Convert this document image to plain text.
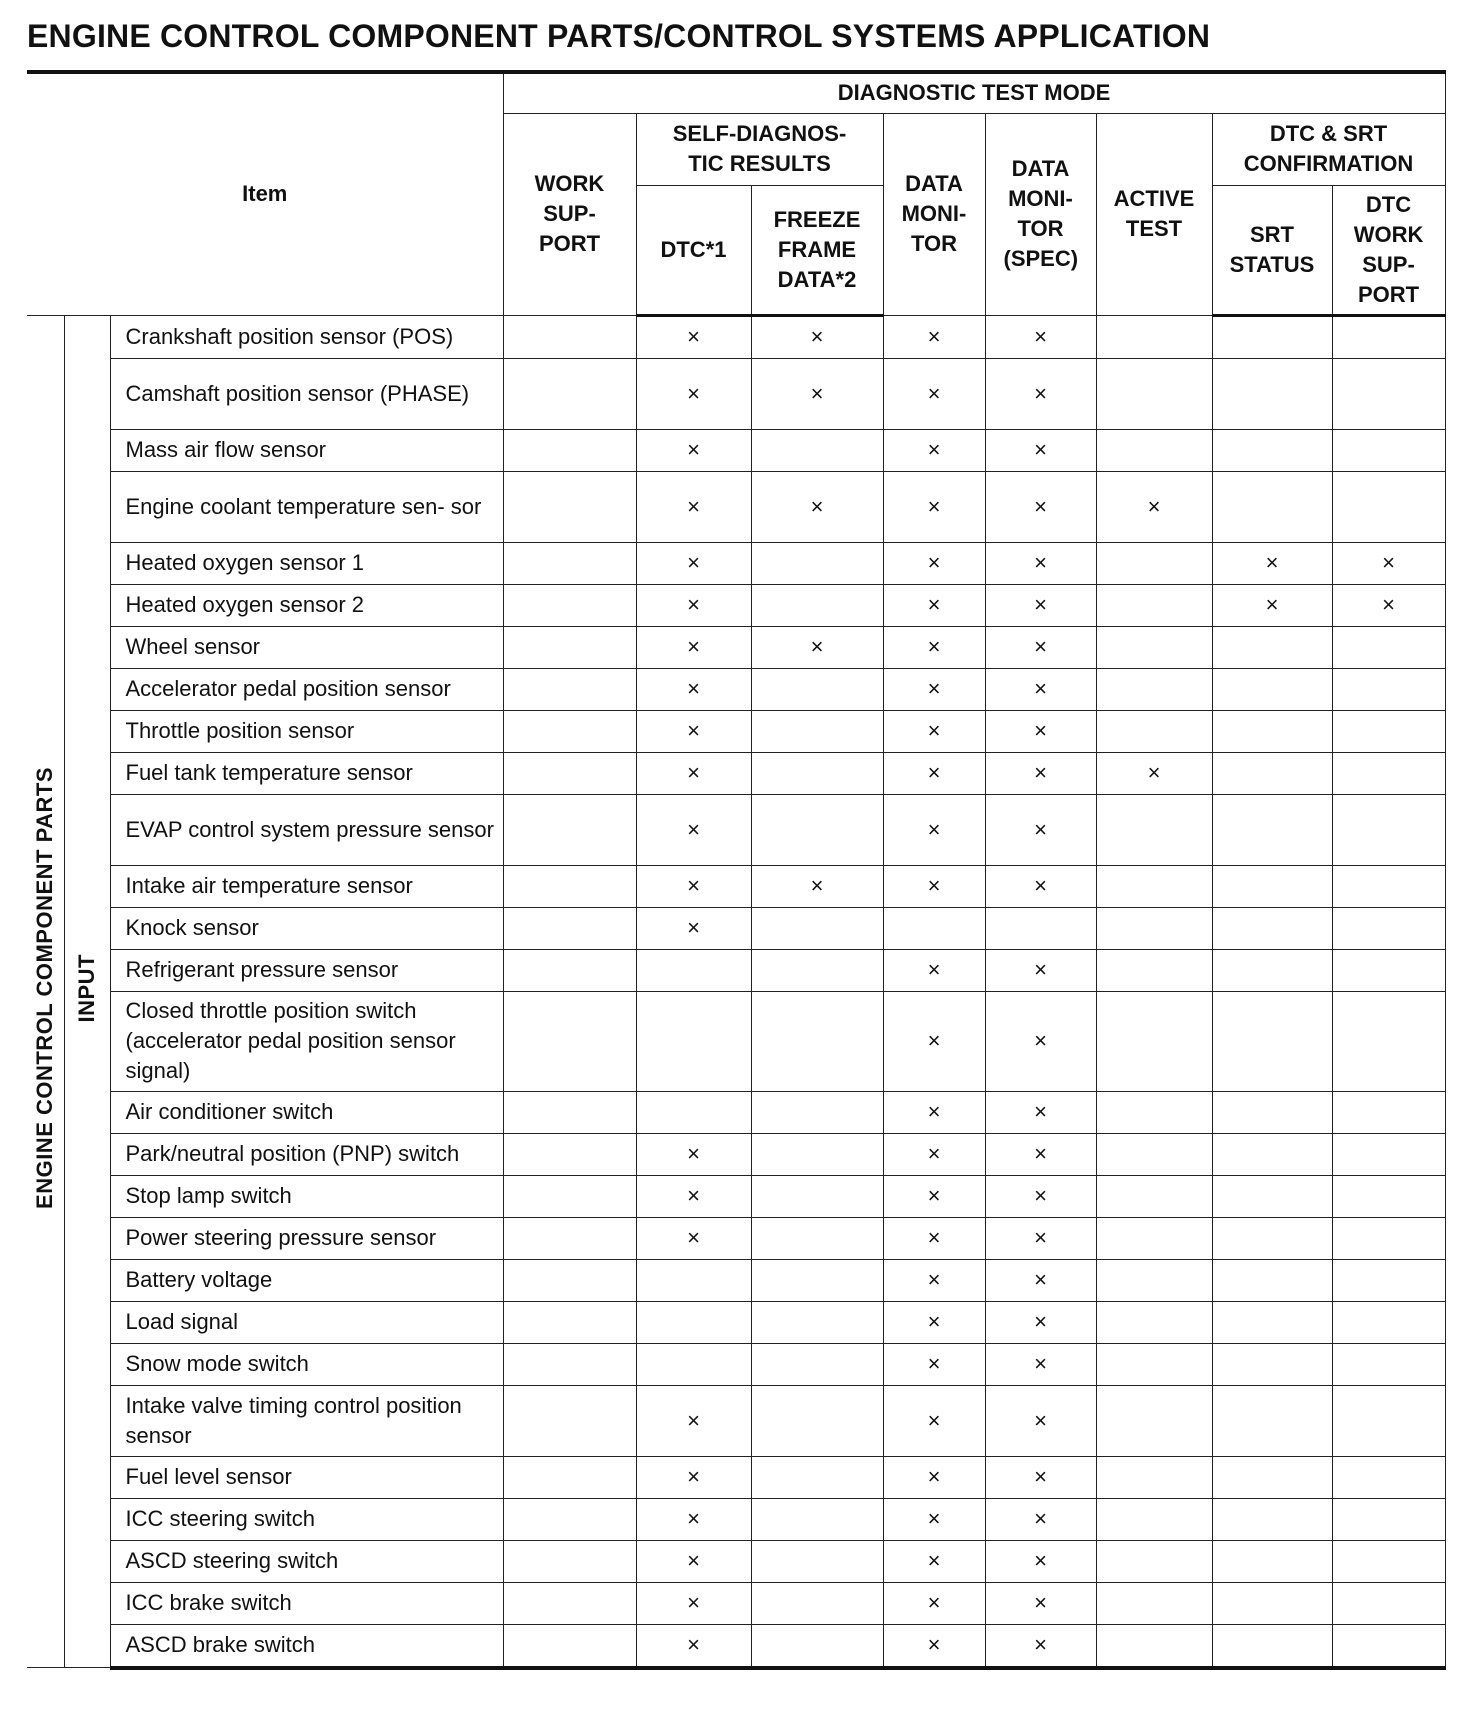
ENGINE CONTROL COMPONENT PARTS/CONTROL SYSTEMS APPLICATION
Item			DIAGNOSTIC TEST MODE							
			WORK SUP- PORT	SELF-DIAGNOS- TIC RESULTS		DATA MONI- TOR	DATA MONI- TOR (SPEC)	ACTIVE TEST	DTC & SRT CONFIRMATION	
				DTC*1	FREEZE FRAME DATA*2				SRT STATUS	DTC WORK SUP- PORT
ENGINE CONTROL COMPONENT PARTS	INPUT	Crankshaft position sensor (POS)		×	×	×	×			
		Camshaft position sensor (PHASE)		×	×	×	×			
		Mass air flow sensor		×		×	×			
		Engine coolant temperature sen- sor		×	×	×	×	×		
		Heated oxygen sensor 1		×		×	×		×	×
		Heated oxygen sensor 2		×		×	×		×	×
		Wheel sensor		×	×	×	×			
		Accelerator pedal position sensor		×		×	×			
		Throttle position sensor		×		×	×			
		Fuel tank temperature sensor		×		×	×	×		
		EVAP control system pressure sensor		×		×	×			
		Intake air temperature sensor		×	×	×	×			
		Knock sensor		×						
		Refrigerant pressure sensor				×	×			
		Closed throttle position switch (accelerator pedal position sensor signal)				×	×			
		Air conditioner switch				×	×			
		Park/neutral position (PNP) switch		×		×	×			
		Stop lamp switch		×		×	×			
		Power steering pressure sensor		×		×	×			
		Battery voltage				×	×			
		Load signal				×	×			
		Snow mode switch				×	×			
		Intake valve timing control position sensor		×		×	×			
		Fuel level sensor		×		×	×			
		ICC steering switch		×		×	×			
		ASCD steering switch		×		×	×			
		ICC brake switch		×		×	×			
		ASCD brake switch		×		×	×			
